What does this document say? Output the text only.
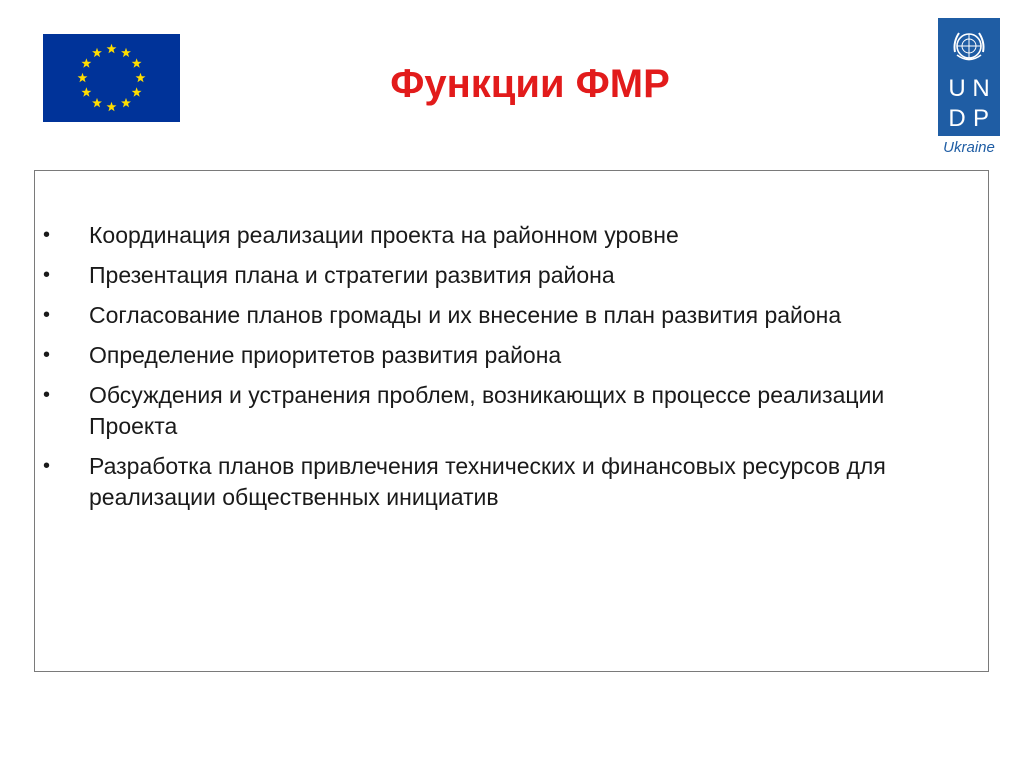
Функции ФМР	U N
D P
Ukraine
•	Координация реализации проекта на районном уровне
•	Презентация плана и стратегии развития района
•	Согласование планов громады и их внесение в план развития района
•	Определение приоритетов развития района
•	Обсуждения и устранения проблем, возникающих в процессе реализации Проекта
•	Разработка планов привлечения технических и финансовых ресурсов для реализации общественных инициатив
